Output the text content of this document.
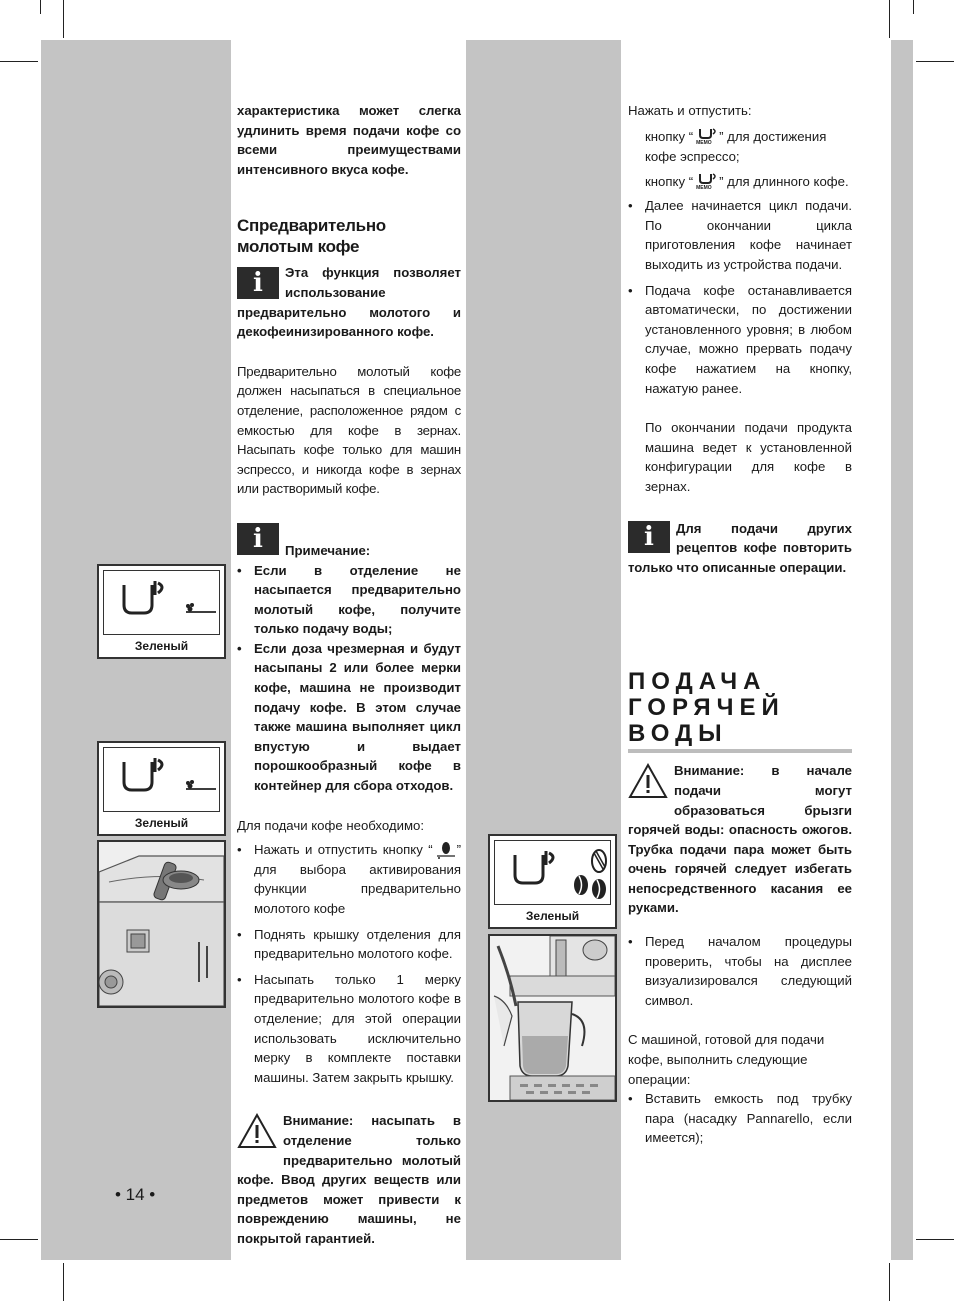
характеристика может слегка удлинить время подачи кофе со всеми преимуществами интенсивного вкуса кофе.

Спредварительно молотым кофе

i	Эта функция позволяет использование предварительно молотого и декофеинизированного кофе.

Предварительно молотый кофе должен насыпаться в специальное отделение, расположенное рядом с емкостью для кофе в зернах. Насыпать кофе только для машин эспрессо, и никогда кофе в зернах или растворимый кофе.

i	Примечание:

• Если в отделение не насыпается предварительно молотый кофе, получите только подачу воды;
• Если доза чрезмерная и будут насыпаны 2 или более мерки кофе, машина не производит подачу кофе. В этом случае также машина выполняет цикл впустую и выдает порошкообразный кофе в контейнер для сбора отходов.

Для подачи кофе необходимо:

• Нажать и отпустить кнопку “ ” для выбора активирования функции предварительно молотого кофе
• Поднять крышку отделения для предварительно молотого кофе.
• Насыпать только 1 мерку предварительно молотого кофе в отделение; для этой операции использовать исключительно мерку в комплекте поставки машины. Затем закрыть крышку.

Внимание: насыпать в отделение только предварительно молотый кофе. Ввод других веществ или предметов может привести к повреждению машины, не покрытой гарантией.

Зеленый
Зеленый
• 14 •
Зеленый

Нажать и отпустить:

кнопку “ MEMO ” для достижения кофе эспрессо;

кнопку “ MEMO ” для длинного кофе.

• Далее начинается цикл подачи. По окончании цикла приготовления кофе начинает выходить из устройства подачи.
• Подача кофе останавливается автоматически, по достижении установленного уровня; в любом случае, можно прервать подачу кофе нажатием на кнопку, нажатую ранее.

По окончании подачи продукта машина ведет к установленной конфигурации для кофе в зернах.

i	Для подачи других рецептов кофе повторить только что описанные операции.

ПОДАЧА ГОРЯЧЕЙ ВОДЫ

Внимание: в начале подачи могут образоваться брызги горячей воды: опасность ожогов. Трубка подачи пара может быть очень горячей следует избегать непосредственного касания ее руками.

• Перед началом процедуры проверить, чтобы на дисплее визуализировался следующий символ.

С машиной, готовой для подачи кофе, выполнить следующие операции:

• Вставить емкость под трубку пара (насадку Pannarello, если имеется);
